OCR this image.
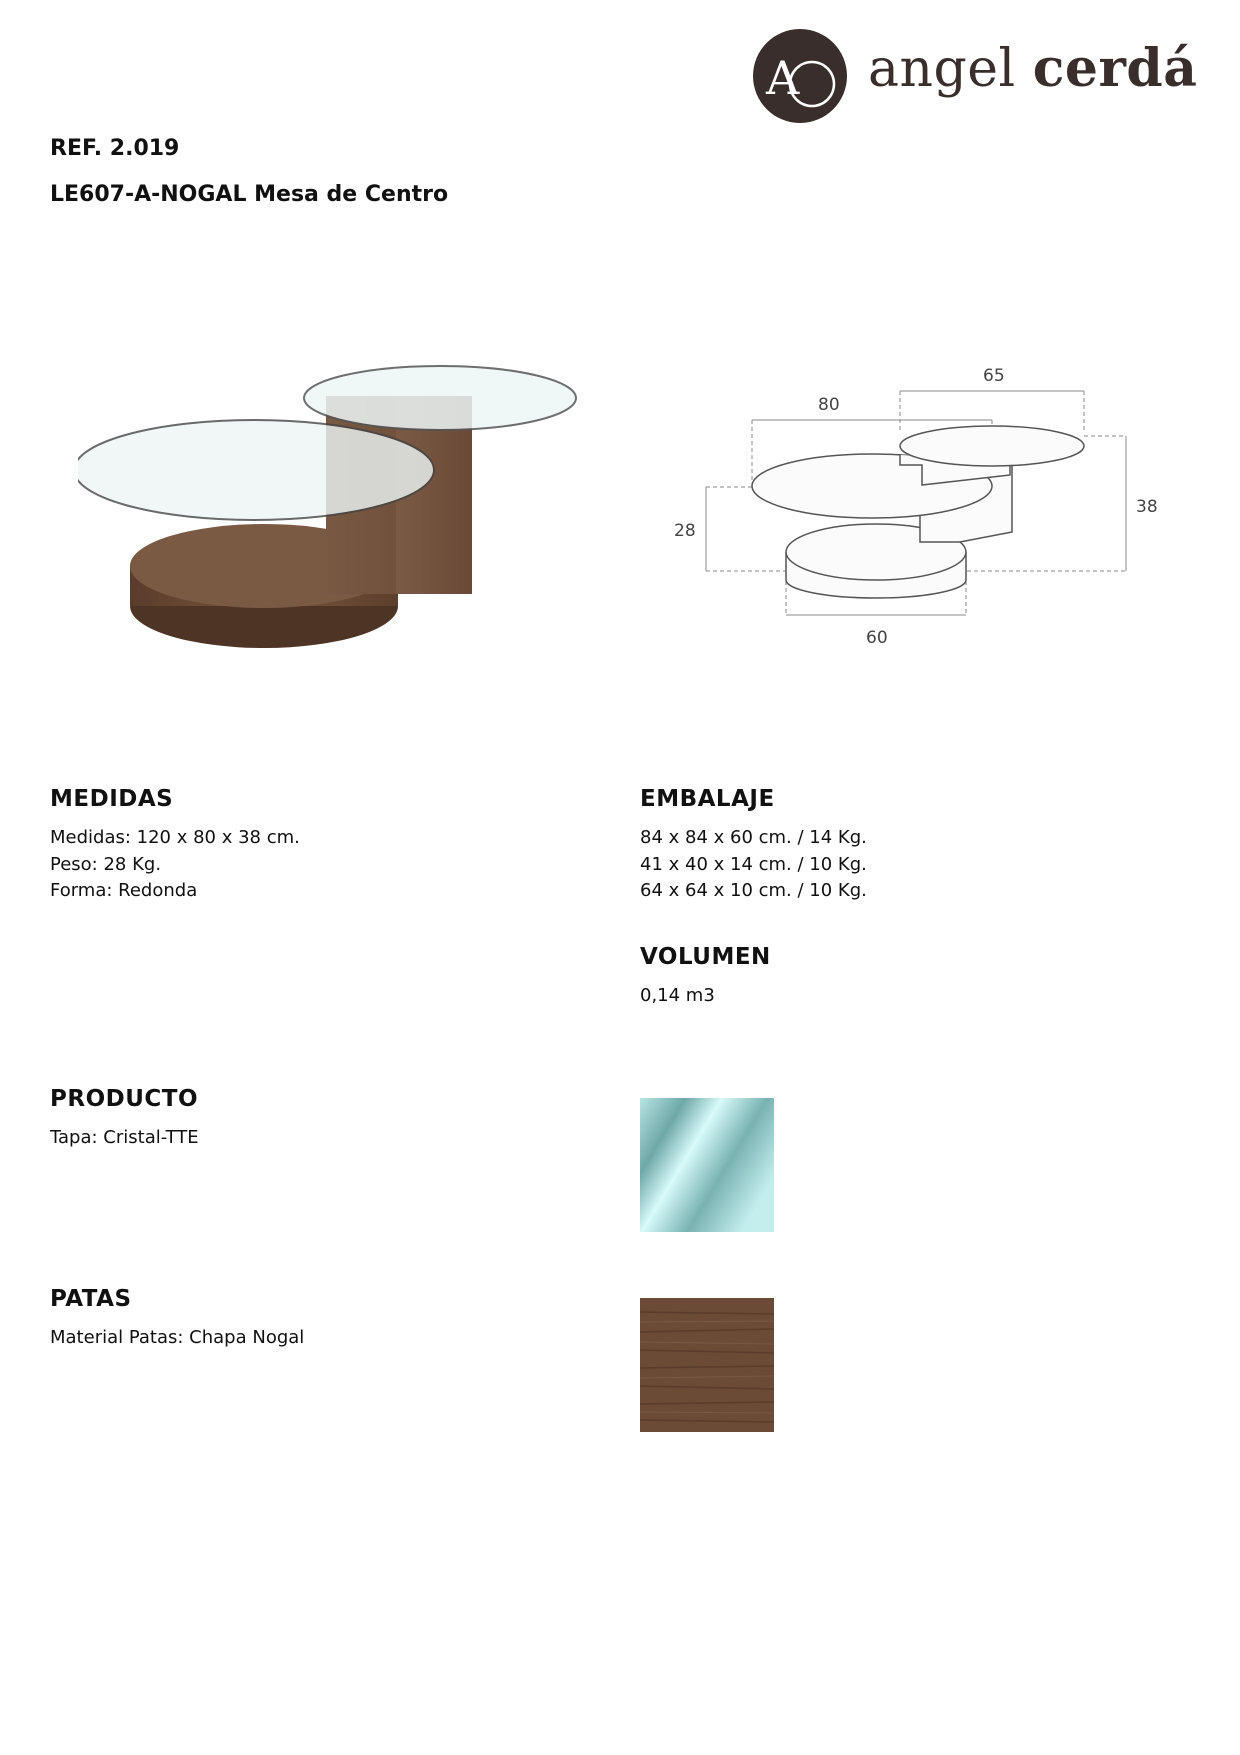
A c angel cerdá
REF. 2.019
LE607-A-NOGAL Mesa de Centro
65
80
38
28
60
MEDIDAS
Medidas: 120 x 80 x 38 cm.
Peso: 28 Kg.
Forma: Redonda
EMBALAJE
84 x 84 x 60 cm. / 14 Kg.
41 x 40 x 14 cm. / 10 Kg.
64 x 64 x 10 cm. / 10 Kg.
VOLUMEN
0,14 m3
PRODUCTO
Tapa: Cristal-TTE
PATAS
Material Patas: Chapa Nogal
